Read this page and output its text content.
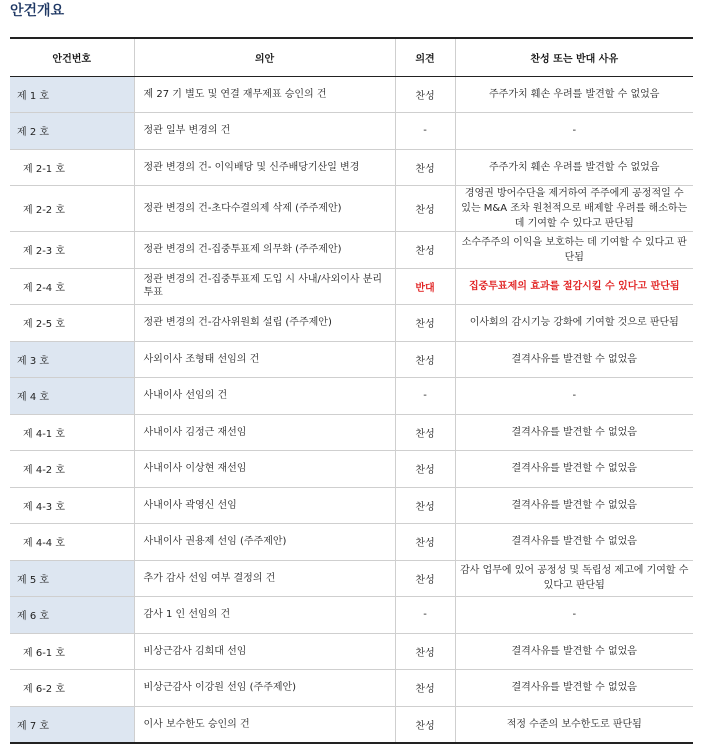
안건개요
안건번호	의안	의견	찬성 또는 반대 사유
제 1 호	제 27 기 별도 및 연결 재무제표 승인의 건	찬성	주주가치 훼손 우려를 발견할 수 없었음
제 2 호	정관 일부 변경의 건	-	-
제 2-1 호	정관 변경의 건- 이익배당 및 신주배당기산일 변경	찬성	주주가치 훼손 우려를 발견할 수 없었음
제 2-2 호	정관 변경의 건-초다수결의제 삭제 (주주제안)	찬성	경영권 방어수단을 제거하여 주주에게 공정적일 수 있는 M&A 조차 원천적으로 배제할 우려를 해소하는데 기여할 수 있다고 판단됨
제 2-3 호	정관 변경의 건-집중투표제 의무화 (주주제안)	찬성	소수주주의 이익을 보호하는 데 기여할 수 있다고 판단됨
제 2-4 호	정관 변경의 건-집중투표제 도입 시 사내/사외이사 분리투표	반대	집중투표제의 효과를 절감시킬 수 있다고 판단됨
제 2-5 호	정관 변경의 건-감사위원회 설립 (주주제안)	찬성	이사회의 감시기능 강화에 기여할 것으로 판단됨
제 3 호	사외이사 조형태 선임의 건	찬성	결격사유를 발견할 수 없었음
제 4 호	사내이사 선임의 건	-	-
제 4-1 호	사내이사 김정근 재선임	찬성	결격사유를 발견할 수 없었음
제 4-2 호	사내이사 이상현 재선임	찬성	결격사유를 발견할 수 없었음
제 4-3 호	사내이사 곽영신 선임	찬성	결격사유를 발견할 수 없었음
제 4-4 호	사내이사 권용제 선임 (주주제안)	찬성	결격사유를 발견할 수 없었음
제 5 호	추가 감사 선임 여부 결정의 건	찬성	감사 업무에 있어 공정성 및 독립성 제고에 기여할 수 있다고 판단됨
제 6 호	감사 1 인 선임의 건	-	-
제 6-1 호	비상근감사 김희대 선임	찬성	결격사유를 발견할 수 없었음
제 6-2 호	비상근감사 이강원 선임 (주주제안)	찬성	결격사유를 발견할 수 없었음
제 7 호	이사 보수한도 승인의 건	찬성	적정 수준의 보수한도로 판단됨
